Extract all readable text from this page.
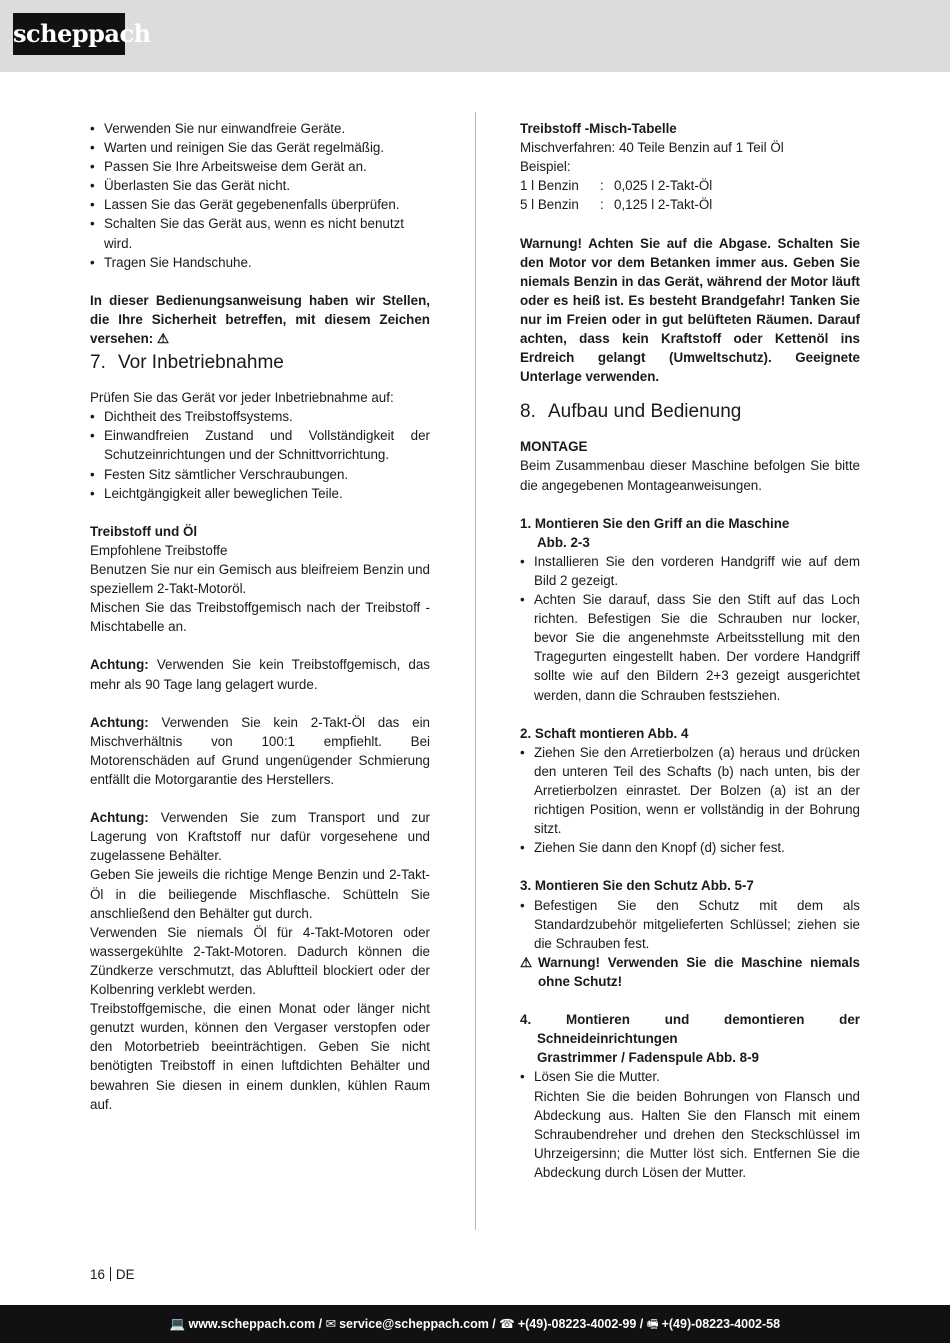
scheppach
• Verwenden Sie nur einwandfreie Geräte.
• Warten und reinigen Sie das Gerät regelmäßig.
• Passen Sie Ihre Arbeitsweise dem Gerät an.
• Überlasten Sie das Gerät nicht.
• Lassen Sie das Gerät gegebenenfalls überprüfen.
• Schalten Sie das Gerät aus, wenn es nicht benutzt wird.
• Tragen Sie Handschuhe.

In dieser Bedienungsanweisung haben wir Stellen, die Ihre Sicherheit betreffen, mit diesem Zeichen versehen: ⚠

7. Vor Inbetriebnahme

Prüfen Sie das Gerät vor jeder Inbetriebnahme auf:

• Dichtheit des Treibstoffsystems.
• Einwandfreien Zustand und Vollständigkeit der Schutzeinrichtungen und der Schnittvorrichtung.
• Festen Sitz sämtlicher Verschraubungen.
• Leichtgängigkeit aller beweglichen Teile.

Treibstoff und Öl

Empfohlene Treibstoffe

Benutzen Sie nur ein Gemisch aus bleifreiem Benzin und speziellem 2-Takt-Motoröl.

Mischen Sie das Treibstoffgemisch nach der Treibstoff -Mischtabelle an.

Achtung: Verwenden Sie kein Treibstoffgemisch, das mehr als 90 Tage lang gelagert wurde.

Achtung: Verwenden Sie kein 2-Takt-Öl das ein Mischverhältnis von 100:1 empfiehlt. Bei Motorenschäden auf Grund ungenügender Schmierung entfällt die Motorgarantie des Herstellers.

Achtung: Verwenden Sie zum Transport und zur Lagerung von Kraftstoff nur dafür vorgesehene und zugelassene Behälter.

Geben Sie jeweils die richtige Menge Benzin und 2-Takt-Öl in die beiliegende Mischflasche. Schütteln Sie anschließend den Behälter gut durch.

Verwenden Sie niemals Öl für 4-Takt-Motoren oder wassergekühlte 2-Takt-Motoren. Dadurch können die Zündkerze verschmutzt, das Abluftteil blockiert oder der Kolbenring verklebt werden.

Treibstoffgemische, die einen Monat oder länger nicht genutzt wurden, können den Vergaser verstopfen oder den Motorbetrieb beeinträchtigen. Geben Sie nicht benötigten Treibstoff in einen luftdichten Behälter und bewahren Sie diesen in einem dunklen, kühlen Raum auf.

Treibstoff -Misch-Tabelle

Mischverfahren: 40 Teile Benzin auf 1 Teil Öl

Beispiel:

1 l Benzin	:	0,025 l 2-Takt-Öl
5 l Benzin	:	0,125 l 2-Takt-Öl

Warnung! Achten Sie auf die Abgase. Schalten Sie den Motor vor dem Betanken immer aus. Geben Sie niemals Benzin in das Gerät, während der Motor läuft oder es heiß ist. Es besteht Brandgefahr! Tanken Sie nur im Freien oder in gut belüfteten Räumen. Darauf achten, dass kein Kraftstoff oder Kettenöl ins Erdreich gelangt (Umweltschutz). Geeignete Unterlage verwenden.

8. Aufbau und Bedienung

MONTAGE

Beim Zusammenbau dieser Maschine befolgen Sie bitte die angegebenen Montageanweisungen.

1. Montieren Sie den Griff an die Maschine

Abb. 2-3

• Installieren Sie den vorderen Handgriff wie auf dem Bild 2 gezeigt.
• Achten Sie darauf, dass Sie den Stift auf das Loch richten. Befestigen Sie die Schrauben nur locker, bevor Sie die angenehmste Arbeitsstellung mit den Tragegurten eingestellt haben. Der vordere Handgriff sollte wie auf den Bildern 2+3 gezeigt ausgerichtet werden, dann die Schrauben festsziehen.

2. Schaft montieren Abb. 4

• Ziehen Sie den Arretierbolzen (a) heraus und drücken den unteren Teil des Schafts (b) nach unten, bis der Arretierbolzen einrastet. Der Bolzen (a) ist an der richtigen Position, wenn er vollständig in der Bohrung sitzt.
• Ziehen Sie dann den Knopf (d) sicher fest.

3. Montieren Sie den Schutz Abb. 5-7

• Befestigen Sie den Schutz mit dem als Standardzubehör mitgelieferten Schlüssel; ziehen sie die Schrauben fest.

⚠ Warnung! Verwenden Sie die Maschine niemals ohne Schutz!

4. Montieren und demontieren der Schneideinrichtungen

Grastrimmer / Fadenspule Abb. 8-9

• Lösen Sie die Mutter.

Richten Sie die beiden Bohrungen von Flansch und Abdeckung aus. Halten Sie den Flansch mit einem Schraubendreher und drehen den Steckschlüssel im Uhrzeigersinn; die Mutter löst sich. Entfernen Sie die Abdeckung durch Lösen der Mutter.

16 DE
💻 www.scheppach.com / ✉ service@scheppach.com / ☎ +(49)-08223-4002-99 / 🖷 +(49)-08223-4002-58
